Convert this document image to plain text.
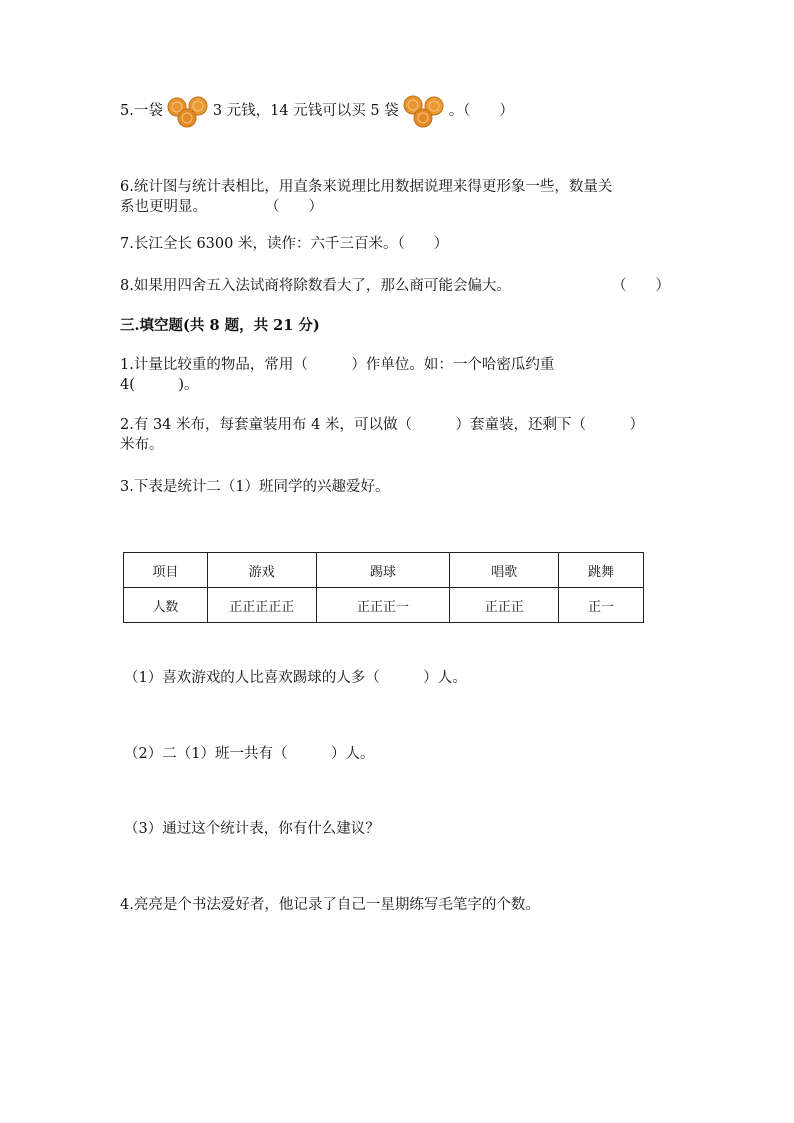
5.一袋	3 元钱，14 元钱可以买 5 袋	。（　　）
6.统计图与统计表相比，用直条来说理比用数据说理来得更形象一些，数量关
系也更明显。　　　　　（　　）
7.长江全长 6300 米，读作：六千三百米。（　　）
8.如果用四舍五入法试商将除数看大了，那么商可能会偏大。	（　　）
三.填空题(共 8 题，共 21 分)
1.计量比较重的物品，常用（　　　）作单位。如：一个哈密瓜约重
4(　　　)。
2.有 34 米布，每套童装用布 4 米，可以做（　　　）套童装，还剩下（　　　）
米布。
3.下表是统计二（1）班同学的兴趣爱好。
项目	游戏	踢球	唱歌	跳舞
人数	正正正正正	正正正一	正正正	正一
（1）喜欢游戏的人比喜欢踢球的人多（　　　）人。
（2）二（1）班一共有（　　　）人。
（3）通过这个统计表，你有什么建议？
4.亮亮是个书法爱好者，他记录了自己一星期练写毛笔字的个数。
